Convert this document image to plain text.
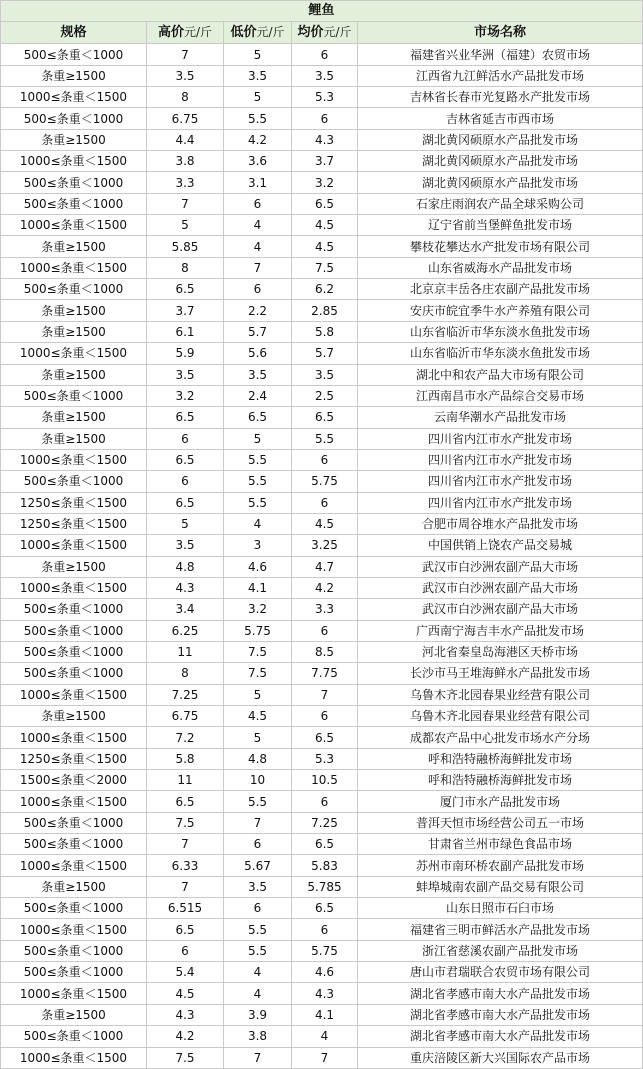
鲤鱼				
规格	高价元/斤	低价元/斤	均价元/斤	市场名称
500≤条重＜1000	7	5	6	福建省兴业华洲（福建）农贸市场
条重≥1500	3.5	3.5	3.5	江西省九江鲜活水产品批发市场
1000≤条重＜1500	8	5	5.3	吉林省长春市光复路水产批发市场
500≤条重＜1000	6.75	5.5	6	吉林省延吉市西市场
条重≥1500	4.4	4.2	4.3	湖北黄冈硕原水产品批发市场
1000≤条重＜1500	3.8	3.6	3.7	湖北黄冈硕原水产品批发市场
500≤条重＜1000	3.3	3.1	3.2	湖北黄冈硕原水产品批发市场
500≤条重＜1000	7	6	6.5	石家庄雨润农产品全球采购公司
1000≤条重＜1500	5	4	4.5	辽宁省前当堡鲜鱼批发市场
条重≥1500	5.85	4	4.5	攀枝花攀达水产批发市场有限公司
1000≤条重＜1500	8	7	7.5	山东省威海水产品批发市场
500≤条重＜1000	6.5	6	6.2	北京京丰岳各庄农副产品批发市场
条重≥1500	3.7	2.2	2.85	安庆市皖宜季牛水产养殖有限公司
条重≥1500	6.1	5.7	5.8	山东省临沂市华东淡水鱼批发市场
1000≤条重＜1500	5.9	5.6	5.7	山东省临沂市华东淡水鱼批发市场
条重≥1500	3.5	3.5	3.5	湖北中和农产品大市场有限公司
500≤条重＜1000	3.2	2.4	2.5	江西南昌市水产品综合交易市场
条重≥1500	6.5	6.5	6.5	云南华潮水产品批发市场
条重≥1500	6	5	5.5	四川省内江市水产批发市场
1000≤条重＜1500	6.5	5.5	6	四川省内江市水产批发市场
500≤条重＜1000	6	5.5	5.75	四川省内江市水产批发市场
1250≤条重＜1500	6.5	5.5	6	四川省内江市水产批发市场
1250≤条重＜1500	5	4	4.5	合肥市周谷堆水产品批发市场
1000≤条重＜1500	3.5	3	3.25	中国供销上饶农产品交易城
条重≥1500	4.8	4.6	4.7	武汉市白沙洲农副产品大市场
1000≤条重＜1500	4.3	4.1	4.2	武汉市白沙洲农副产品大市场
500≤条重＜1000	3.4	3.2	3.3	武汉市白沙洲农副产品大市场
500≤条重＜1000	6.25	5.75	6	广西南宁海吉丰水产品批发市场
500≤条重＜1000	11	7.5	8.5	河北省秦皇岛海港区天桥市场
500≤条重＜1000	8	7.5	7.75	长沙市马王堆海鲜水产品批发市场
1000≤条重＜1500	7.25	5	7	乌鲁木齐北园春果业经营有限公司
条重≥1500	6.75	4.5	6	乌鲁木齐北园春果业经营有限公司
1000≤条重＜1500	7.2	5	6.5	成都农产品中心批发市场水产分场
1250≤条重＜1500	5.8	4.8	5.3	呼和浩特融桥海鲜批发市场
1500≤条重＜2000	11	10	10.5	呼和浩特融桥海鲜批发市场
1000≤条重＜1500	6.5	5.5	6	厦门市水产品批发市场
500≤条重＜1000	7.5	7	7.25	普洱天恒市场经营公司五一市场
500≤条重＜1000	7	6	6.5	甘肃省兰州市绿色食品市场
1000≤条重＜1500	6.33	5.67	5.83	苏州市南环桥农副产品批发市场
条重≥1500	7	3.5	5.785	蚌埠城南农副产品交易有限公司
500≤条重＜1000	6.515	6	6.5	山东日照市石臼市场
1000≤条重＜1500	6.5	5.5	6	福建省三明市鲜活水产品批发市场
500≤条重＜1000	6	5.5	5.75	浙江省慈溪农副产品批发市场
500≤条重＜1000	5.4	4	4.6	唐山市君瑞联合农贸市场有限公司
1000≤条重＜1500	4.5	4	4.3	湖北省孝感市南大水产品批发市场
条重≥1500	4.3	3.9	4.1	湖北省孝感市南大水产品批发市场
500≤条重＜1000	4.2	3.8	4	湖北省孝感市南大水产品批发市场
1000≤条重＜1500	7.5	7	7	重庆涪陵区新大兴国际农产品市场
